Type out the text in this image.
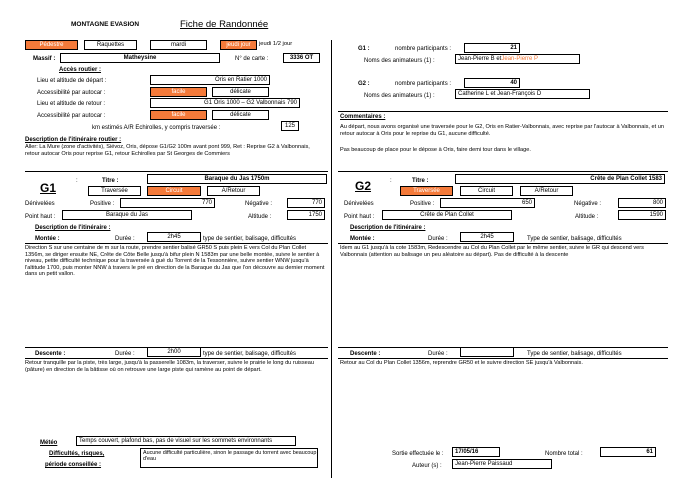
MONTAGNE EVASION	Fiche de Randonnée
Pédestre	Raquettes	mardi	jeudi jour	jeudi 1/2 jour
Massif :	Matheysine	N° de carte :	3336 OT
Accès routier :
Lieu et altitude de départ :	Oris en Ratier 1000
Accessibilité par autocar :	facile	délicate
Lieu et altitude de retour :	G1 Oris 1000 – G2 Valbonnais 790
Accessibilité par autocar :	facile	délicate
km estimés A/R Echirolles, y compris traversée :	125
Description de l'itinéraire routier :
Aller: La Mure (zone d'activités), Siévoz, Oris, dépose G1/G2 100m avant pont 999, Ret : Reprise G2 à Valbonnais, retour autocar Oris pour reprise G1, retour Echirolles par St Georges de Commiers
G1	:	Titre :	Baraque du Jas 1750m
Traversée	Circuit	A/Retour
Dénivelées	Positive :	770	Négative :	770
Point haut :	Baraque du Jas	Altitude :	1750
Description de l'itinéraire :
Montée :	Durée :	2h45	type de sentier, balisage, difficultés
Direction S sur une centaine de m sur la route, prendre sentier balisé GR50 S puis plein E vers Col du Plan Collet 1356m, se diriger ensuite NE, Crête de Côte Belle jusqu'à bifur plein N 1583m par une belle montée, suivre le sentier à niveau, petite difficulté technique pour la traversée à gué du Torrent de la Tessonnière, suivre sentier WNW jusqu'à l'altitude 1700, puis monter NNW à travers le pré en direction de la Baraque du Jas que l'on découvre au dernier moment dans un petit vallon.
Descente :	Durée :	2h00	type de sentier, balisage, difficultés
Retour tranquille par la piste, très large, jusqu'à la passerelle 1083m, la traverser, suivre le prairie le long du ruisseau (pâture) en direction de la bâtisse où on retrouve une large piste qui ramène au point de départ.
Météo	Temps couvert, plafond bas, pas de visuel sur les sommets environnants
Difficultés, risques,
période conseillée :
Aucune difficulté particulière, sinon le passage du torrent avec beaucoup d'eau
G1 :	nombre participants :	21
Noms des animateurs (1) :	Jean-Pierre B et Jean-Pierre P
G2 :	nombre participants :	40
Noms des animateurs (1) :	Catherine L et Jean-François D
Commentaires :
Au départ, nous avons organisé une traversée pour le G2, Oris en Ratier-Valbonnais, avec reprise par l'autocar à Valbonnais, et un retour autocar à Oris pour le reprise du G1, aucune difficulté.
Pas beaucoup de place pour le dépose à Oris, faire demi tour dans le village.
G2	:	Titre :	Crête de Plan Collet 1583
Traversée	Circuit	A/Retour
Dénivelées	Positive :	650	Négative :	800
Point haut :	Crête de Plan Collet	Altitude :	1590
Description de l'itinéraire :
Montée :	Durée :	2h45	Type de sentier, balisage, difficultés
Idem au G1 jusqu'à la cote 1583m, Redescendre au Col du Plan Collet par le même sentier, suivre le GR qui descend vers Valbonnais (attention au balisage un peu aléatoire au départ). Pas de difficulté à la descente
Descente :	Durée :	Type de sentier, balisage, difficultés
Retour au Col du Plan Collet 1356m, reprendre GR50 et le suivre direction SE jusqu'à Valbonnais.
Sortie effectuée le :	17/05/16	Nombre total :	61
Auteur (s) :	Jean-Pierre Paissaud
